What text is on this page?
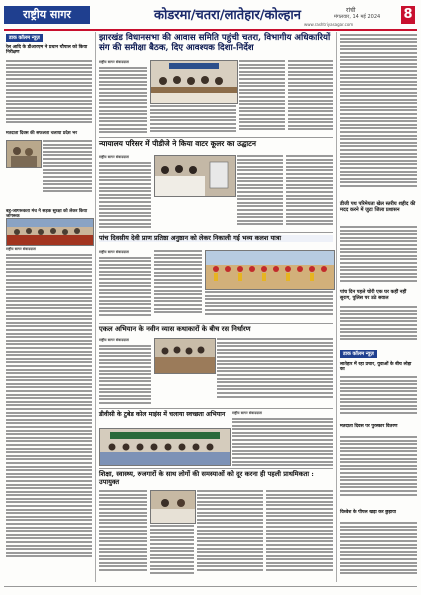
राष्ट्रीय सागर	कोडरमा/चतरा/लातेहार/कोल्हान	रांची
मंगलवार, 14 मई 2024
www.rashtriyasagar.com
8
डाक कॉलम न्यूज़
रेल आदि के डीआरएम ने प्रधान चौपाल को किया निरीक्षण
मतदाता दिवस की सफलता चलाया प्रदेश भर
बहु-जागरूकता मंच ने सड़क सुरक्षा को लेकर किया जागरूक
राष्ट्रीय सागर संवाददाता
झारखंड विधानसभा की आवास समिति पहुंची चतरा, विभागीय अधिकारियों संग की समीक्षा बैठक, दिए आवश्यक दिशा-निर्देश
राष्ट्रीय सागर संवाददाता
न्यायालय परिसर में पीडीजे ने किया वाटर कूलर का उद्घाटन
राष्ट्रीय सागर संवाददाता
पांच दिवसीय देवी प्राण प्रतिष्ठा अनुष्ठान को लेकर निकाली गई भव्य कलश यात्रा
राष्ट्रीय सागर संवाददाता
एकल अभियान के नवीन व्यास कथाकारों के बीच रस निर्धारण
राष्ट्रीय सागर संवाददाता
डीवीसी के टुबेड कोल माइंस में चलाया स्वच्छता अभियान	राष्ट्रीय सागर संवाददाता
शिक्षा, स्वास्थ्य, रुजगारों के साथ लोगों की समस्याओं को दूर करना ही पहली प्राथमिकता : उपायुक्त
डीजी पथ परिमेयता खेल स्तरीय शहीद की मदद करने में जुटा जिला प्रशासन
पांच दिन पहले चोरी एक घर कहीं नहीं सुराग, पुलिस पर उठे सवाल
डाक कॉलम न्यूज़
लातेहार में रहा प्रचार, युवाओं के बीच लोहा का
मतदाता दिवस पर पुरस्कार वितरण
विश्वेश के पीपल खड़ा कर छुड़ाया
